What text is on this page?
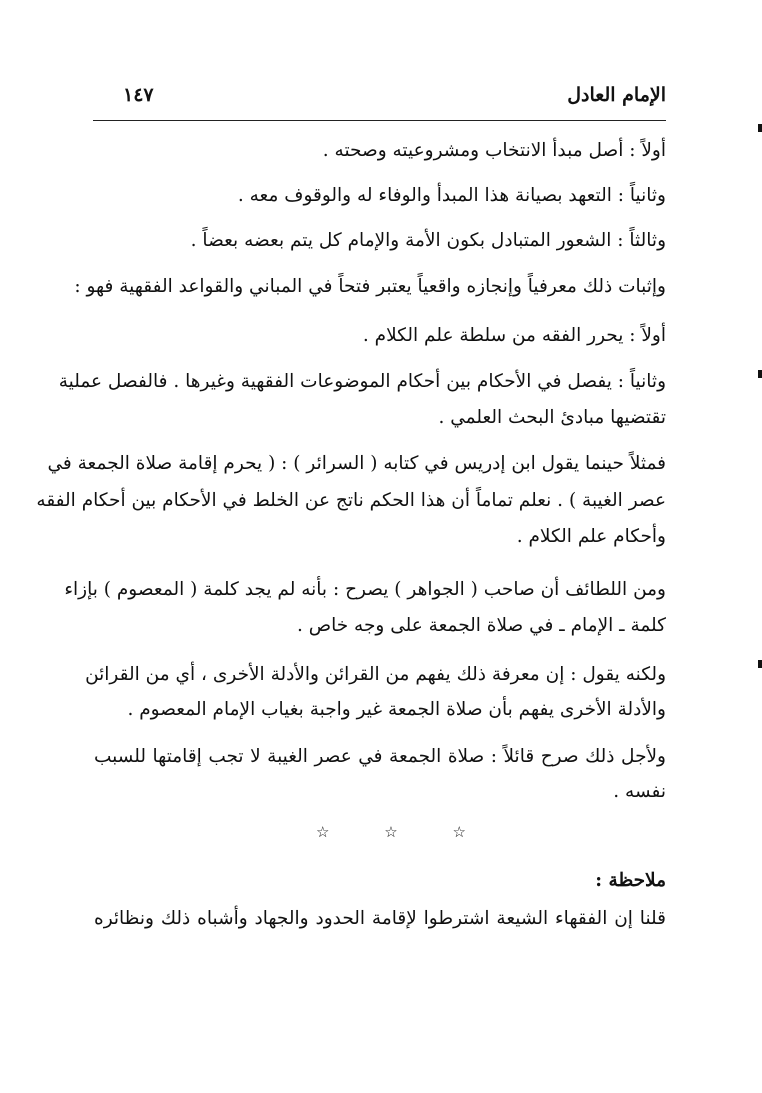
الإمام العادل
١٤٧
أولاً : أصل مبدأ الانتخاب ومشروعيته وصحته .
وثانياً : التعهد بصيانة هذا المبدأ والوفاء له والوقوف معه .
وثالثاً : الشعور المتبادل بكون الأمة والإمام كل يتم بعضه بعضاً .
وإثبات ذلك معرفياً وإنجازه واقعياً يعتبر فتحاً في المباني والقواعد الفقهية فهو :
أولاً : يحرر الفقه من سلطة علم الكلام .
وثانياً : يفصل في الأحكام بين أحكام الموضوعات الفقهية وغيرها . فالفصل عملية
تقتضيها مبادئ البحث العلمي .
فمثلاً حينما يقول ابن إدريس في كتابه ( السرائر ) : ( يحرم إقامة صلاة الجمعة في
عصر الغيبة ) . نعلم تماماً أن هذا الحكم ناتج عن الخلط في الأحكام بين أحكام الفقه
وأحكام علم الكلام .
ومن اللطائف أن صاحب ( الجواهر ) يصرح : بأنه لم يجد كلمة ( المعصوم ) بإزاء
كلمة ـ الإمام ـ في صلاة الجمعة على وجه خاص .
ولكنه يقول : إن معرفة ذلك يفهم من القرائن والأدلة الأخرى ، أي من القرائن
والأدلة الأخرى يفهم بأن صلاة الجمعة غير واجبة بغياب الإمام المعصوم .
ولأجل ذلك صرح قائلاً : صلاة الجمعة في عصر الغيبة لا تجب إقامتها للسبب
نفسه .
☆	☆	☆
ملاحظة :
قلنا إن الفقهاء الشيعة اشترطوا لإقامة الحدود والجهاد وأشباه ذلك ونظائره
